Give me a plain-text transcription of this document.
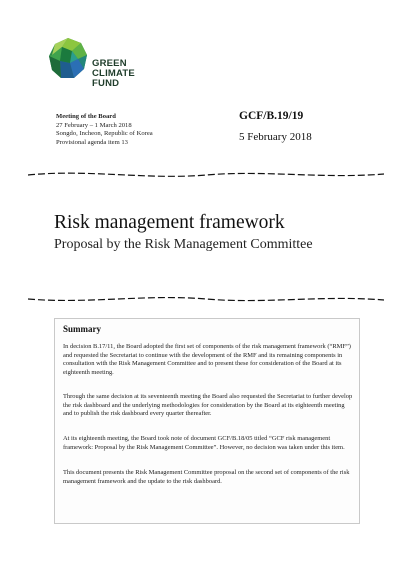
GREEN
CLIMATE
FUND
Meeting of the Board
27 February – 1 March 2018
Songdo, Incheon, Republic of Korea
Provisional agenda item 13
GCF/B.19/19
5 February 2018
Risk management framework
Proposal by the Risk Management Committee
Summary

In decision B.17/11, the Board adopted the first set of components of the risk management framework (“RMF”) and requested the Secretariat to continue with the development of the RMF and its remaining components in consultation with the Risk Management Committee and to present these for consideration of the Board at its eighteenth meeting.

Through the same decision at its seventeenth meeting the Board also requested the Secretariat to further develop the risk dashboard and the underlying methodologies for consideration by the Board at its eighteenth meeting and to publish the risk dashboard every quarter thereafter.

At its eighteenth meeting, the Board took note of document GCF/B.18/05 titled “GCF risk management framework: Proposal by the Risk Management Committee”. However, no decision was taken under this item.

This document presents the Risk Management Committee proposal on the second set of components of the risk management framework and the update to the risk dashboard.
